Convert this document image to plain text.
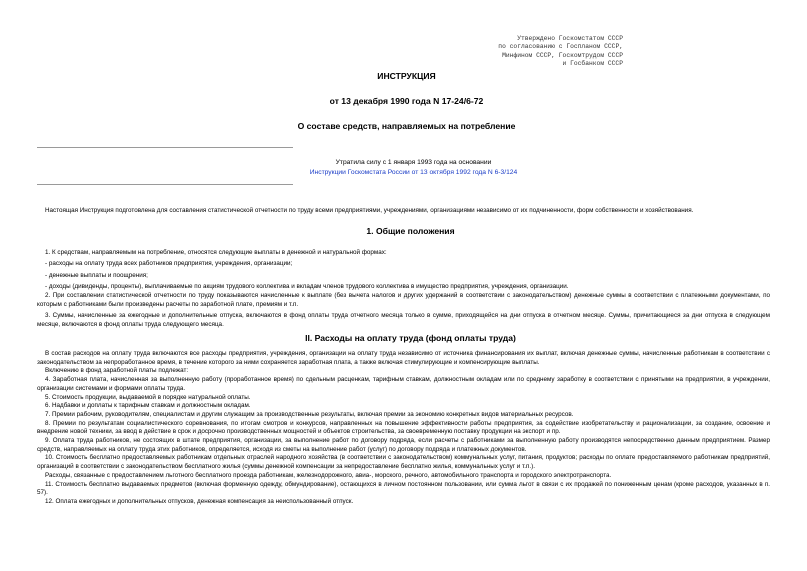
Утверждено Госкомстатом СССР
по согласованию с Госпланом СССР,
Минфином СССР, Госкомтрудом СССР
и Госбанком СССР
ИНСТРУКЦИЯ
от 13 декабря 1990 года N 17-24/6-72
О составе средств, направляемых на потребление
Утратила силу с 1 января 1993 года на основании
Инструкции Госкомстата России от 13 октября 1992 года N 6-3/124

Настоящая Инструкция подготовлена для составления статистической отчетности по труду всеми предприятиями, учреждениями, организациями независимо от их подчиненности, форм собственности и хозяйствования.

1. Общие положения

1. К средствам, направляемым на потребление, относятся следующие выплаты в денежной и натуральной формах:

- расходы на оплату труда всех работников предприятия, учреждения, организации;

- денежные выплаты и поощрения;

- доходы (дивиденды, проценты), выплачиваемые по акциям трудового коллектива и вкладам членов трудового коллектива в имущество предприятия, учреждения, организации.

2. При составлении статистической отчетности по труду показываются начисленные к выплате (без вычета налогов и других удержаний в соответствии с законодательством) денежные суммы в соответствии с платежными документами, по которым с работниками были произведены расчеты по заработной плате, премиям и т.п.

3. Суммы, начисленные за ежегодные и дополнительные отпуска, включаются в фонд оплаты труда отчетного месяца только в сумме, приходящейся на дни отпуска в отчетном месяце. Суммы, причитающиеся за дни отпуска в следующем месяце, включаются в фонд оплаты труда следующего месяца.

II. Расходы на оплату труда (фонд оплаты труда)

В состав расходов на оплату труда включаются все расходы предприятия, учреждения, организации на оплату труда независимо от источника финансирования их выплат, включая денежные суммы, начисленные работникам в соответствии с законодательством за непроработанное время, в течение которого за ними сохраняется заработная плата, а также включая стимулирующие и компенсирующие выплаты.

Включению в фонд заработной платы подлежат:

4. Заработная плата, начисленная за выполненную работу (проработанное время) по сдельным расценкам, тарифным ставкам, должностным окладам или по среднему заработку в соответствии с принятыми на предприятии, в учреждении, организации системами и формами оплаты труда.

5. Стоимость продукции, выдаваемой в порядке натуральной оплаты.

6. Надбавки и доплаты к тарифным ставкам и должностным окладам.

7. Премии рабочим, руководителям, специалистам и другим служащим за производственные результаты, включая премии за экономию конкретных видов материальных ресурсов.

8. Премии по результатам социалистического соревнования, по итогам смотров и конкурсов, направленных на повышение эффективности работы предприятия, за содействие изобретательству и рационализации, за создание, освоение и внедрение новой техники, за ввод в действие в срок и досрочно производственных мощностей и объектов строительства, за своевременную поставку продукции на экспорт и пр.

9. Оплата труда работников, не состоящих в штате предприятия, организации, за выполнение работ по договору подряда, если расчеты с работниками за выполненную работу производятся непосредственно данным предприятием. Размер средств, направляемых на оплату труда этих работников, определяется, исходя из сметы на выполнение работ (услуг) по договору подряда и платежных документов.

10. Стоимость бесплатно предоставляемых работникам отдельных отраслей народного хозяйства (в соответствии с законодательством) коммунальных услуг, питания, продуктов; расходы по оплате предоставляемого работникам предприятий, организаций в соответствии с законодательством бесплатного жилья (суммы денежной компенсации за непредоставление бесплатно жилья, коммунальных услуг и т.п.).

Расходы, связанные с предоставлением льготного бесплатного проезда работникам, железнодорожного, авиа-, морского, речного, автомобильного транспорта и городского электротранспорта.

11. Стоимость бесплатно выдаваемых предметов (включая форменную одежду, обмундирование), остающихся в личном постоянном пользовании, или сумма льгот в связи с их продажей по пониженным ценам (кроме расходов, указанных в п. 57).

12. Оплата ежегодных и дополнительных отпусков, денежная компенсация за неиспользованный отпуск.
